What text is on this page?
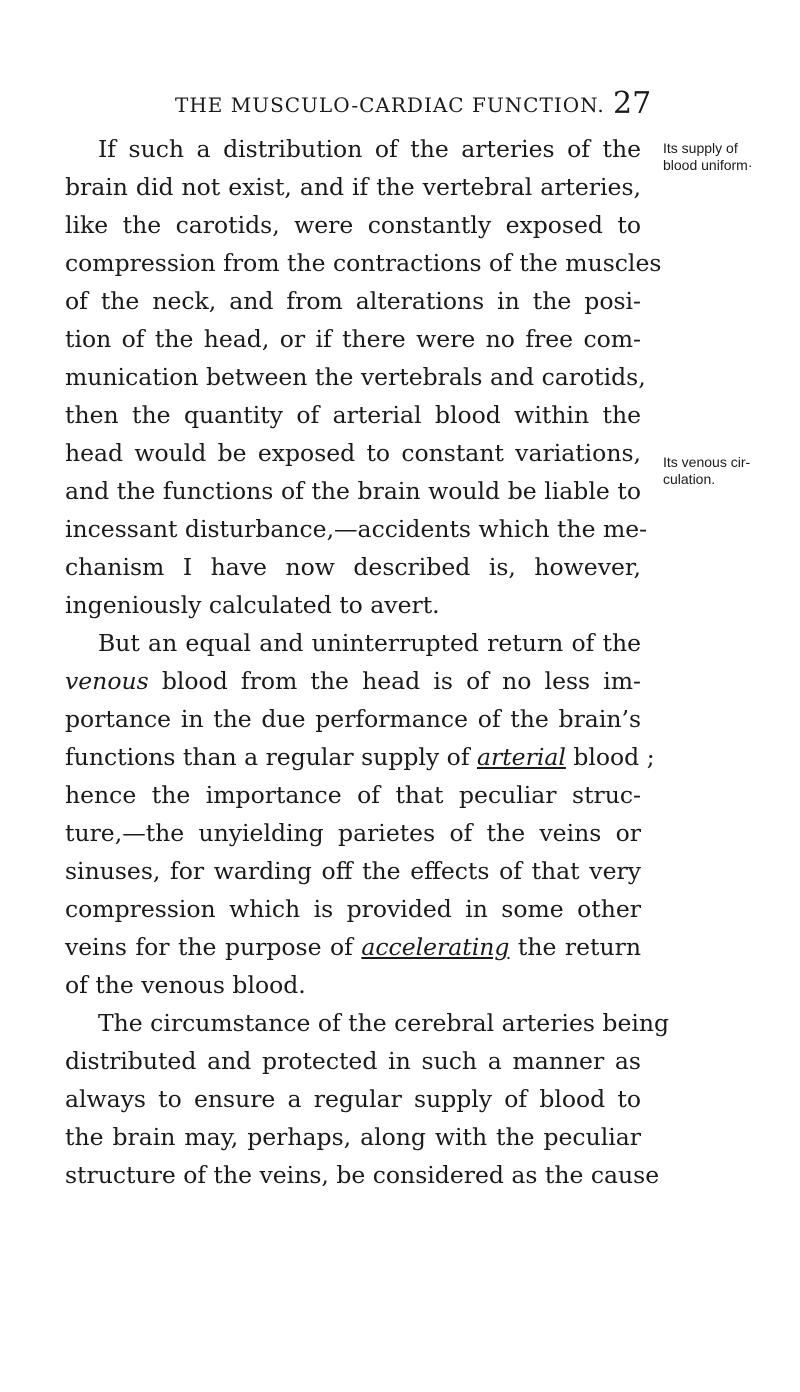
THE MUSCULO-CARDIAC FUNCTION. 27
Its supply of
blood uniform·
Its venous cir-
culation.
If such a distribution of the arteries of the
brain did not exist, and if the vertebral arteries,
like the carotids, were constantly exposed to
compression from the contractions of the muscles
of the neck, and from alterations in the posi-
tion of the head, or if there were no free com-
munication between the vertebrals and carotids,
then the quantity of arterial blood within the
head would be exposed to constant variations,
and the functions of the brain would be liable to
incessant disturbance,—accidents which the me-
chanism I have now described is, however,
ingeniously calculated to avert.
But an equal and uninterrupted return of the
venous blood from the head is of no less im-
portance in the due performance of the brain’s
functions than a regular supply of arterial blood ;
hence the importance of that peculiar struc-
ture,—the unyielding parietes of the veins or
sinuses, for warding off the effects of that very
compression which is provided in some other
veins for the purpose of accelerating the return
of the venous blood.
The circumstance of the cerebral arteries being
distributed and protected in such a manner as
always to ensure a regular supply of blood to
the brain may, perhaps, along with the peculiar
structure of the veins, be considered as the cause
